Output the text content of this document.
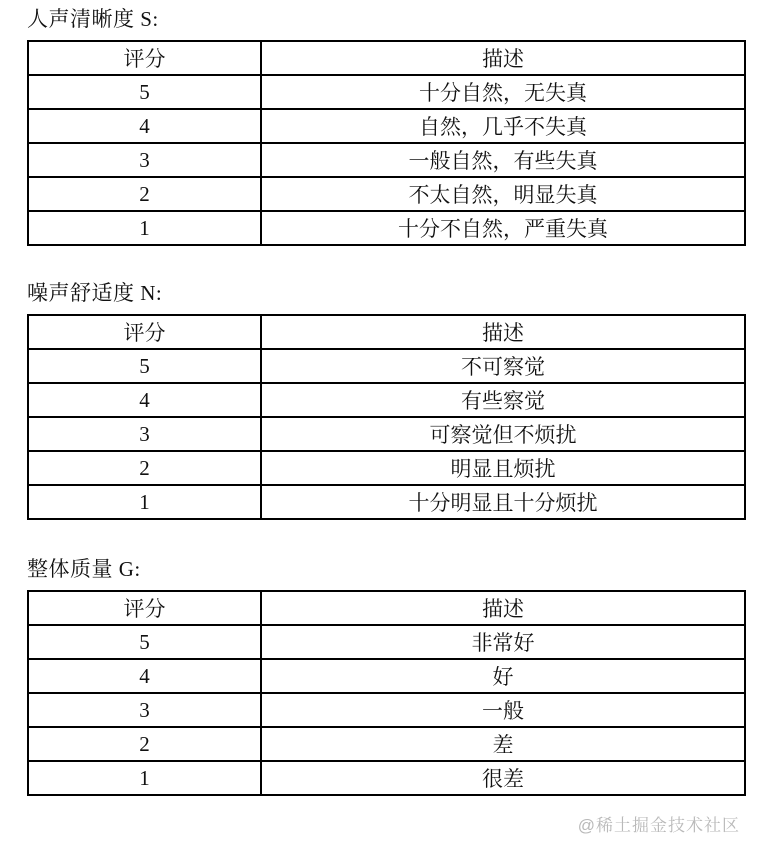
人声清晰度 S:
评分	描述
5	十分自然，无失真
4	自然，几乎不失真
3	一般自然，有些失真
2	不太自然，明显失真
1	十分不自然，严重失真
噪声舒适度 N:
评分	描述
5	不可察觉
4	有些察觉
3	可察觉但不烦扰
2	明显且烦扰
1	十分明显且十分烦扰
整体质量 G:
评分	描述
5	非常好
4	好
3	一般
2	差
1	很差
@稀土掘金技术社区
